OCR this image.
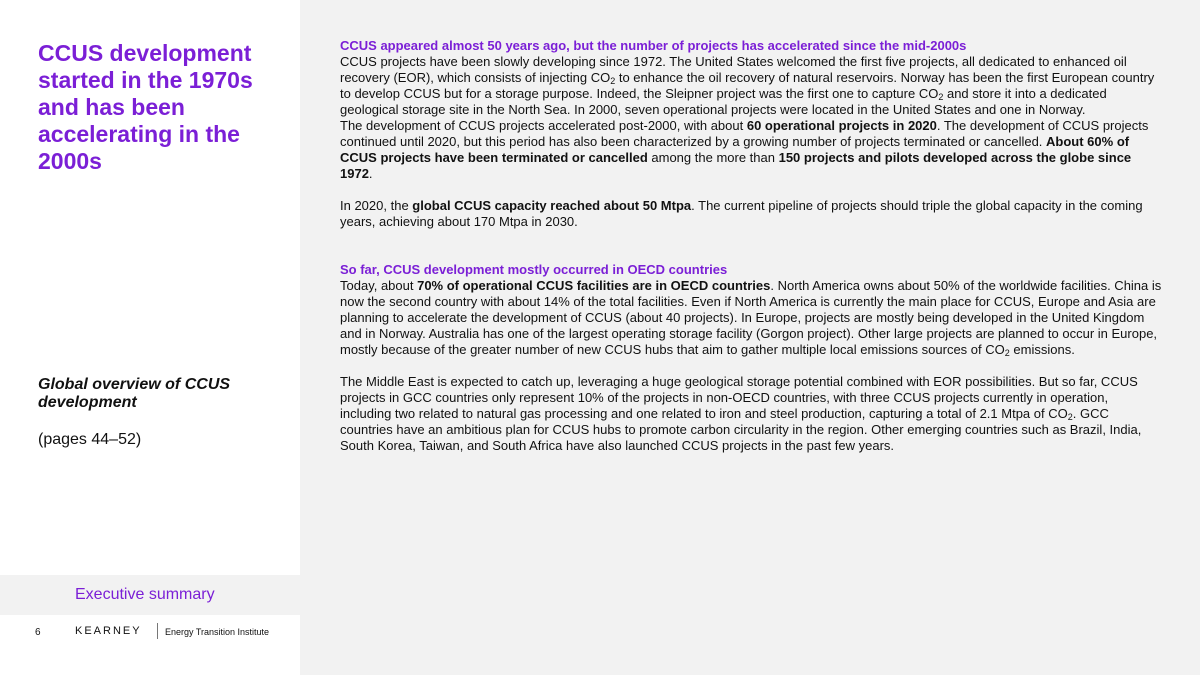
CCUS development started in the 1970s and has been accelerating in the 2000s
Global overview of CCUS development
(pages 44–52)
Executive summary
6	KEARNEY	Energy Transition Institute
CCUS appeared almost 50 years ago, but the number of projects has accelerated since the mid-2000s

CCUS projects have been slowly developing since 1972. The United States welcomed the first five projects, all dedicated to enhanced oil recovery (EOR), which consists of injecting $CO_2$ to enhance the oil recovery of natural reservoirs. Norway has been the first European country to develop CCUS but for a storage purpose. Indeed, the Sleipner project was the first one to capture $CO_2$ and store it into a dedicated geological storage site in the North Sea. In 2000, seven operational projects were located in the United States and one in Norway.

The development of CCUS projects accelerated post-2000, with about 60 operational projects in 2020. The development of CCUS projects continued until 2020, but this period has also been characterized by a growing number of projects terminated or cancelled. About 60% of CCUS projects have been terminated or cancelled among the more than 150 projects and pilots developed across the globe since 1972.

In 2020, the global CCUS capacity reached about 50 Mtpa. The current pipeline of projects should triple the global capacity in the coming years, achieving about 170 Mtpa in 2030.

So far, CCUS development mostly occurred in OECD countries

Today, about 70% of operational CCUS facilities are in OECD countries. North America owns about 50% of the worldwide facilities. China is now the second country with about 14% of the total facilities. Even if North America is currently the main place for CCUS, Europe and Asia are planning to accelerate the development of CCUS (about 40 projects). In Europe, projects are mostly being developed in the United Kingdom and in Norway. Australia has one of the largest operating storage facility (Gorgon project). Other large projects are planned to occur in Europe, mostly because of the greater number of new CCUS hubs that aim to gather multiple local emissions sources of $CO_2$ emissions.

The Middle East is expected to catch up, leveraging a huge geological storage potential combined with EOR possibilities. But so far, CCUS projects in GCC countries only represent 10% of the projects in non-OECD countries, with three CCUS projects currently in operation, including two related to natural gas processing and one related to iron and steel production, capturing a total of 2.1 Mtpa of $CO_2$. GCC countries have an ambitious plan for CCUS hubs to promote carbon circularity in the region. Other emerging countries such as Brazil, India, South Korea, Taiwan, and South Africa have also launched CCUS projects in the past few years.
